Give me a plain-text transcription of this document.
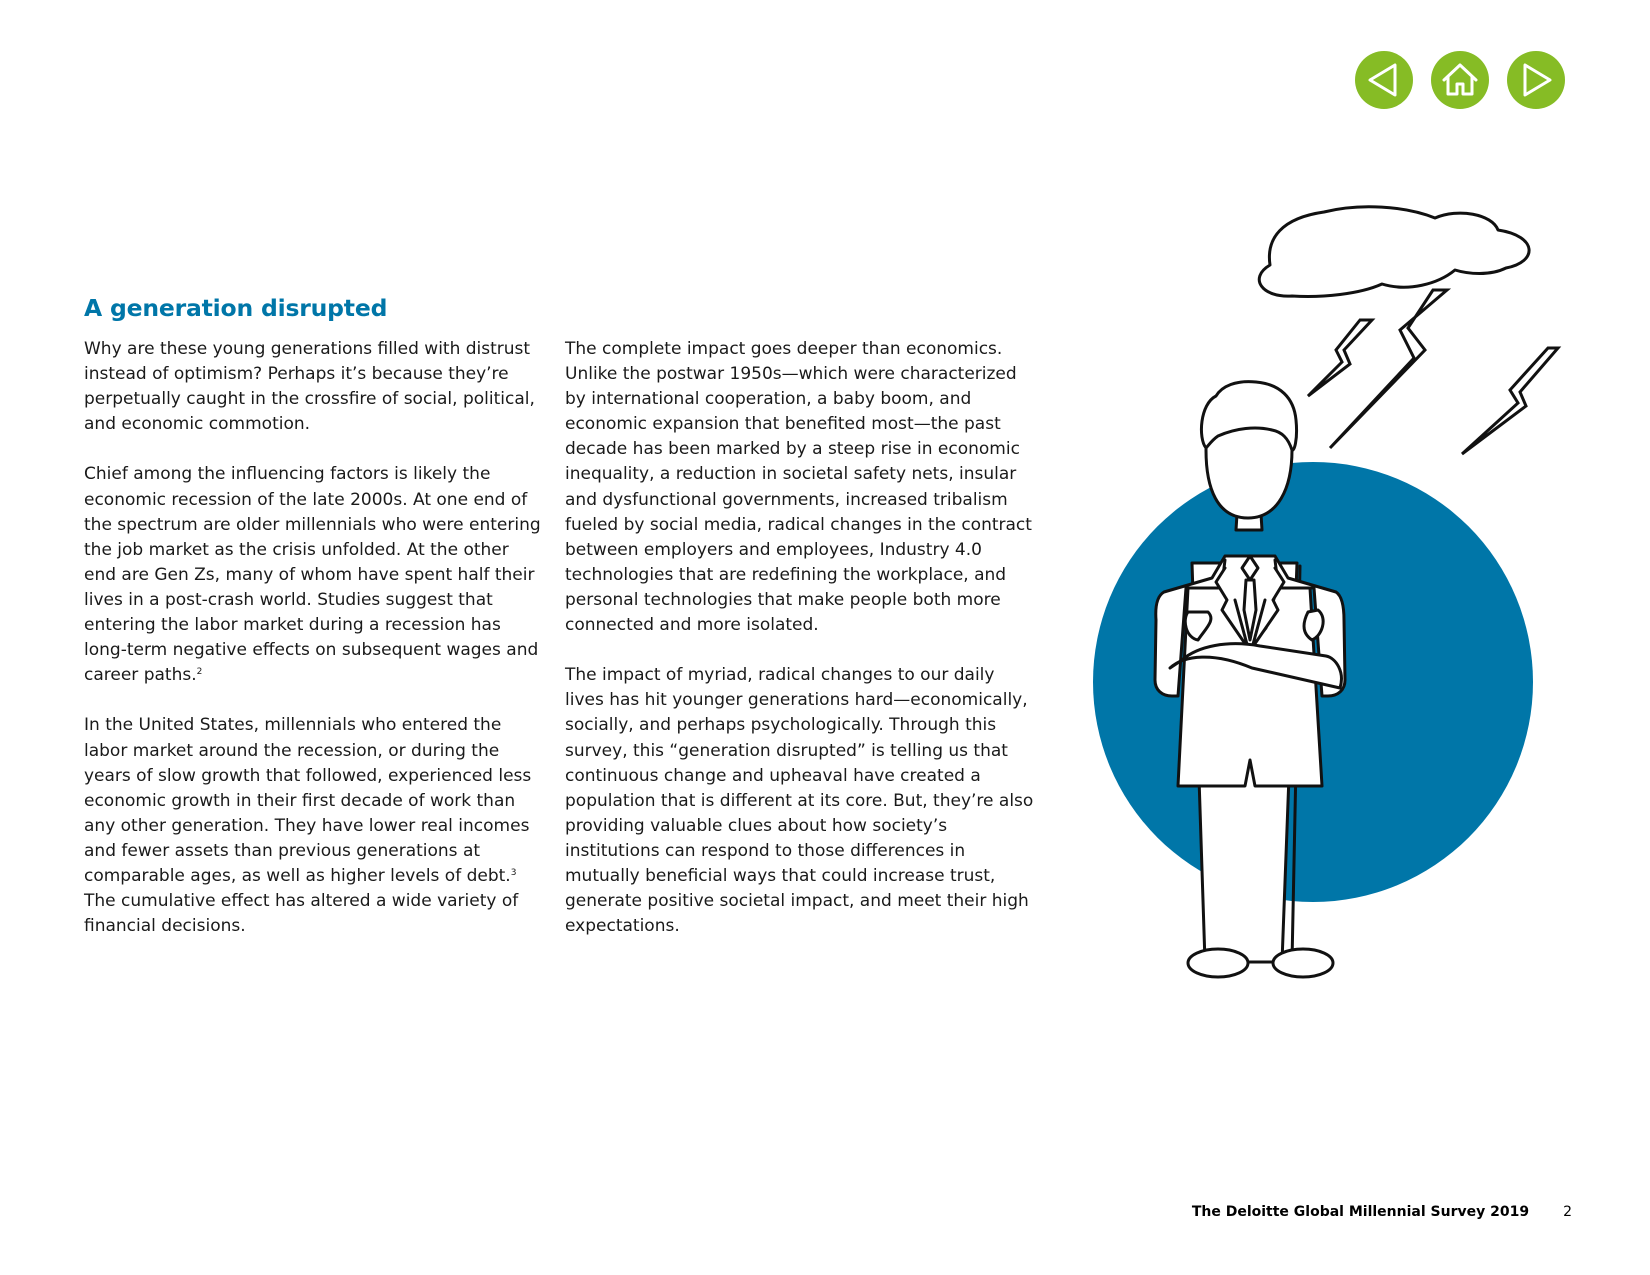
A generation disrupted

Why are these young generations filled with distrust instead of optimism? Perhaps it’s because they’re perpetually caught in the crossfire of social, political, and economic commotion.

Chief among the influencing factors is likely the economic recession of the late 2000s. At one end of the spectrum are older millennials who were entering the job market as the crisis unfolded. At the other end are Gen Zs, many of whom have spent half their lives in a post-crash world. Studies suggest that entering the labor market during a recession has long-term negative effects on subsequent wages and career paths.$^2$

In the United States, millennials who entered the labor market around the recession, or during the years of slow growth that followed, experienced less economic growth in their first decade of work than any other generation. They have lower real incomes and fewer assets than previous generations at comparable ages, as well as higher levels of debt.$^3$ The cumulative effect has altered a wide variety of financial decisions.

The complete impact goes deeper than economics. Unlike the postwar 1950s—which were characterized by international cooperation, a baby boom, and economic expansion that benefited most—the past decade has been marked by a steep rise in economic inequality, a reduction in societal safety nets, insular and dysfunctional governments, increased tribalism fueled by social media, radical changes in the contract between employers and employees, Industry 4.0 technologies that are redefining the workplace, and personal technologies that make people both more connected and more isolated.

The impact of myriad, radical changes to our daily lives has hit younger generations hard—economically, socially, and perhaps psychologically. Through this survey, this “generation disrupted” is telling us that continuous change and upheaval have created a population that is different at its core. But, they’re also providing valuable clues about how society’s institutions can respond to those differences in mutually beneficial ways that could increase trust, generate positive societal impact, and meet their high expectations.

The Deloitte Global Millennial Survey 2019 2
